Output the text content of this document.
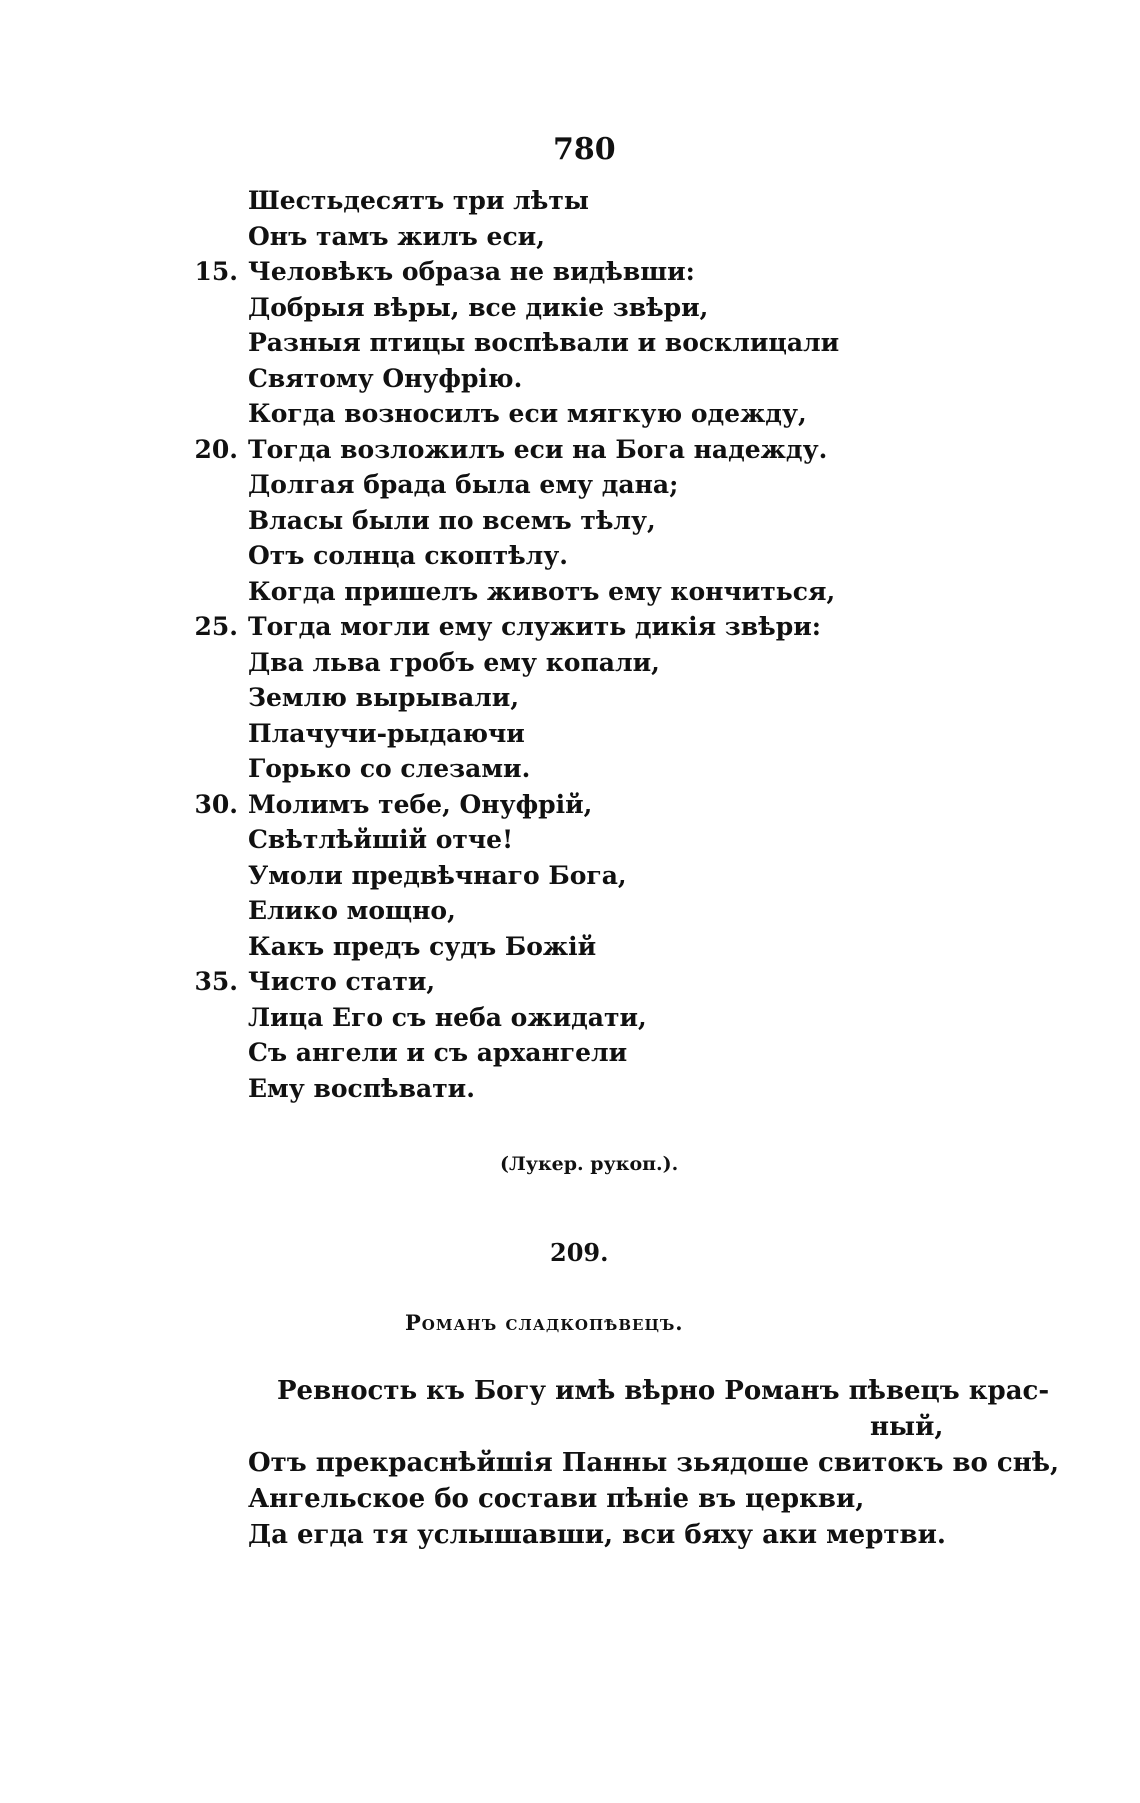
780
Шестьдесятъ три лѣты
Онъ тамъ жилъ еси,
15. Человѣкъ образа не видѣвши:
Добрыя вѣры, все дикіе звѣри,
Разныя птицы воспѣвали и восклицали
Святому Онуфрію.
Когда возносилъ еси мягкую одежду,
20. Тогда возложилъ еси на Бога надежду.
Долгая брада была ему дана;
Власы были по всемъ тѣлу,
Отъ солнца скоптѣлу.
Когда пришелъ животъ ему кончиться,
25. Тогда могли ему служить дикія звѣри:
Два льва гробъ ему копали,
Землю вырывали,
Плачучи-рыдаючи
Горько со слезами.
30. Молимъ тебе, Онуфрій,
Свѣтлѣйшій отче!
Умоли предвѣчнаго Бога,
Елико мощно,
Какъ предъ судъ Божій
35. Чисто стати,
Лица Его съ неба ожидати,
Съ ангели и съ архангели
Ему воспѣвати.
(Лукер. рукоп.).
209.
Романъ сладкопѣвецъ.
Ревность къ Богу имѣ вѣрно Романъ пѣвецъ крас-
ный,
Отъ прекраснѣйшія Панны зьядоше свитокъ во снѣ,
Ангельское бо состави пѣніе въ церкви,
Да егда тя услышавши, вси бяху аки мертви.
